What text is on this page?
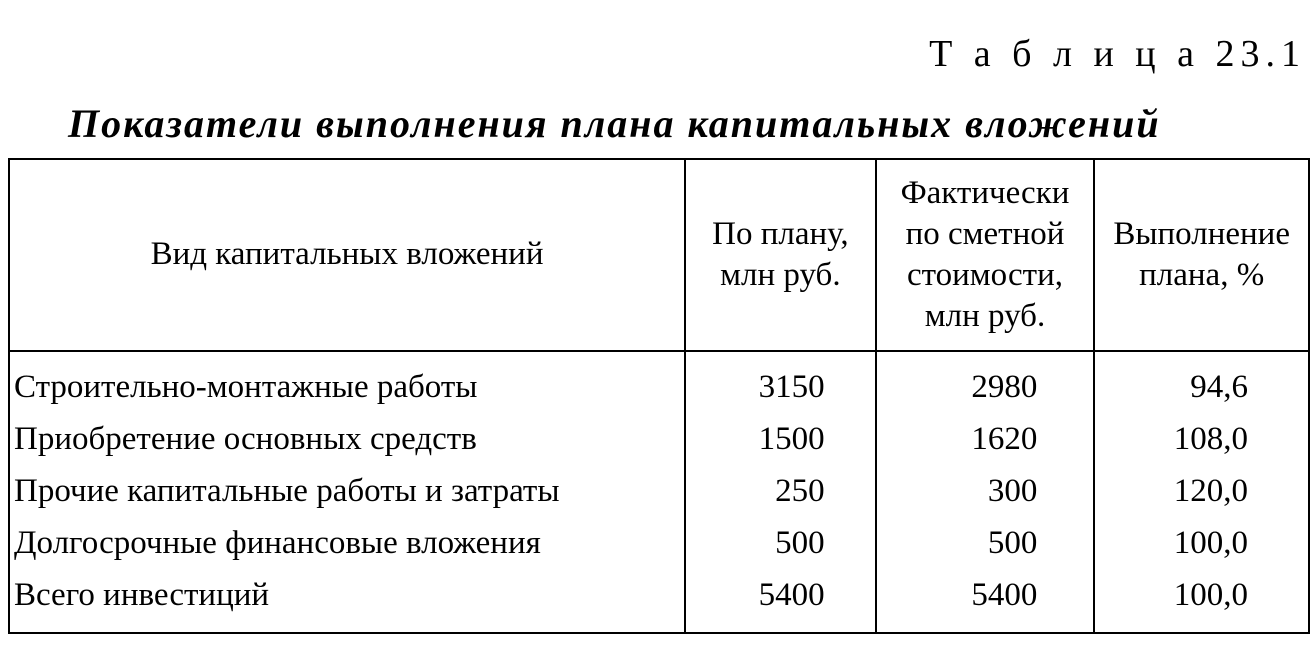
Т а б л и ц а 23.1
Показатели выполнения плана капитальных вложений
Вид капитальных вложений	По плану, млн руб.	Фактически по сметной стоимости, млн руб.	Выполнение плана, %
Строительно-монтажные работы	3150	2980	94,6
Приобретение основных средств	1500	1620	108,0
Прочие капитальные работы и затраты	250	300	120,0
Долгосрочные финансовые вложения	500	500	100,0
Всего инвестиций	5400	5400	100,0
